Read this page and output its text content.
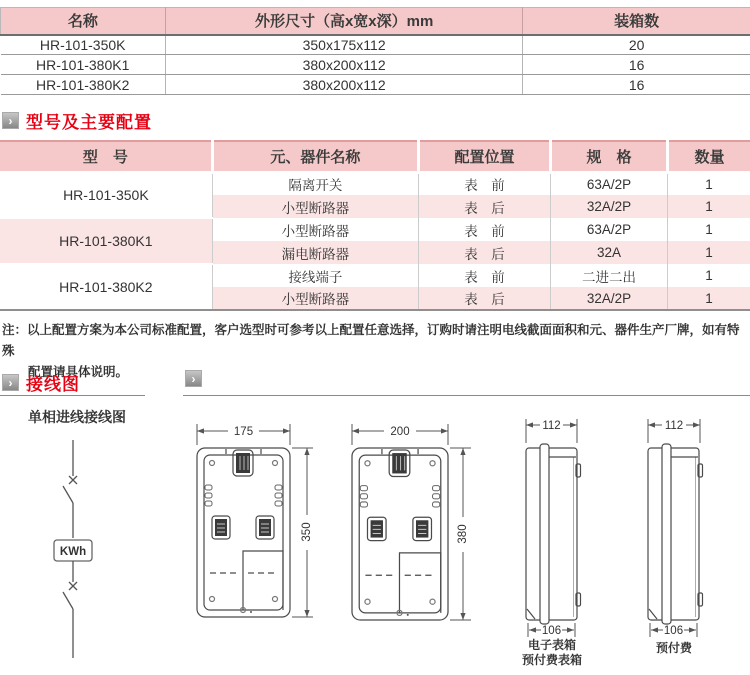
名称	外形尺寸（高x宽x深）mm	装箱数
HR-101-350K	350x175x112	20
HR-101-380K1	380x200x112	16
HR-101-380K2	380x200x112	16
› 型号及主要配置
型　号	元、器件名称	配置位置	规　格	数量
HR-101-350K	隔离开关	表　前	63A/2P	1
	小型断路器	表　后	32A/2P	1
HR-101-380K1	小型断路器	表　前	63A/2P	1
	漏电断路器	表　后	32A	1
HR-101-380K2	接线端子	表　前	二进二出	1
	小型断路器	表　后	32A/2P	1
注：以上配置方案为本公司标准配置，客户选型时可参考以上配置任意选择，订购时请注明电线截面面积和元、器件生产厂牌，如有特殊
配置请具体说明。
› 接线图	›
单相进线接线图
KWh
175
350
200
380
112
106
112
106
电子表箱
预付费表箱
预付费
